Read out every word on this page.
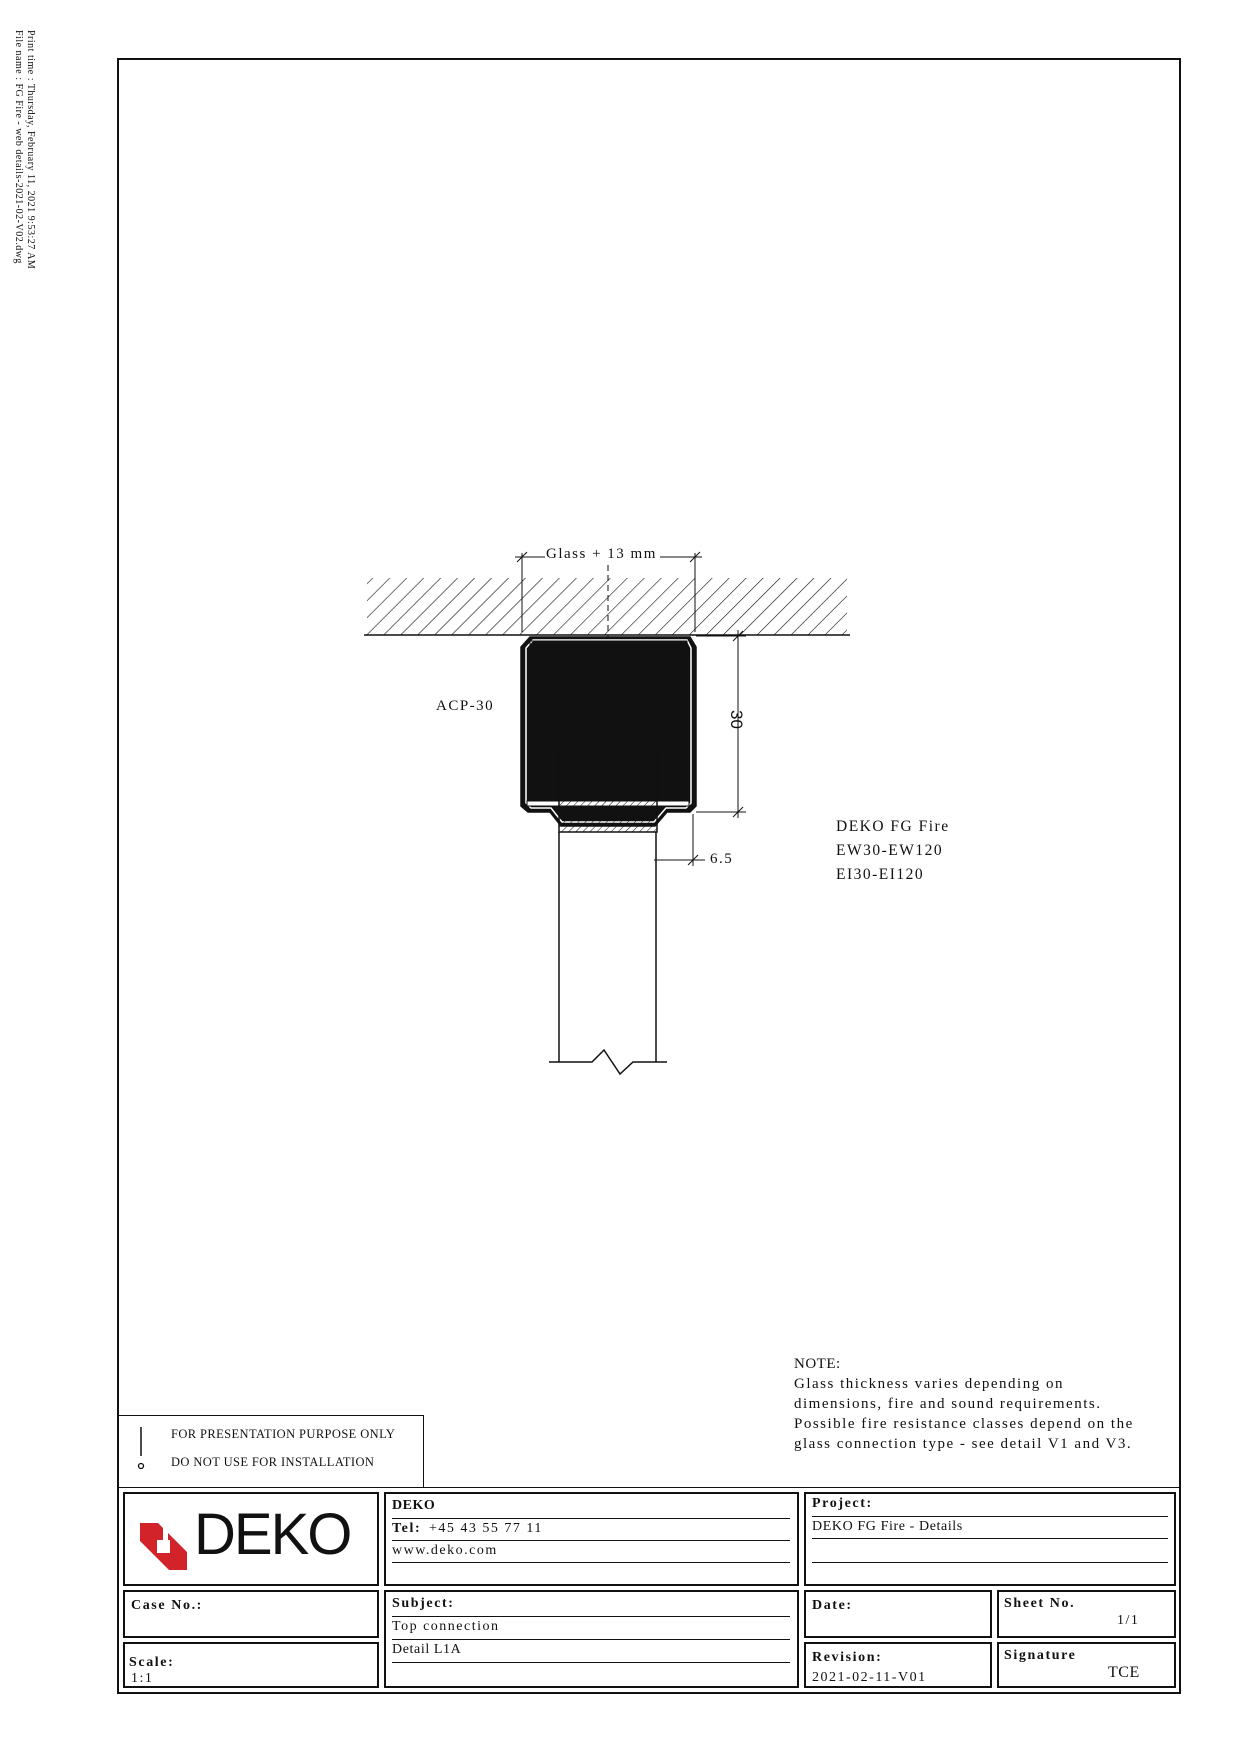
Print time : Thursday, February 11, 2021 9:53:27 AM
File name : FG Fire - web details-2021-02-V02.dwg
Glass + 13 mm
30
6.5
ACP-30
DEKO FG Fire
EW30-EW120
EI30-EI120
NOTE:
Glass thickness varies depending on
dimensions, fire and sound requirements.
Possible fire resistance classes depend on the
glass connection type - see detail V1 and V3.
FOR PRESENTATION PURPOSE ONLY
DO NOT USE FOR INSTALLATION
DEKO	DEKO
Tel: +45 43 55 77 11
www.deko.com
Project:
DEKO FG Fire - Details
Case No.:	Subject:
Top connection
Detail L1A
Date:	Sheet No.
1/1
Scale:
1:1
Revision:
2021-02-11-V01
Signature
TCE
